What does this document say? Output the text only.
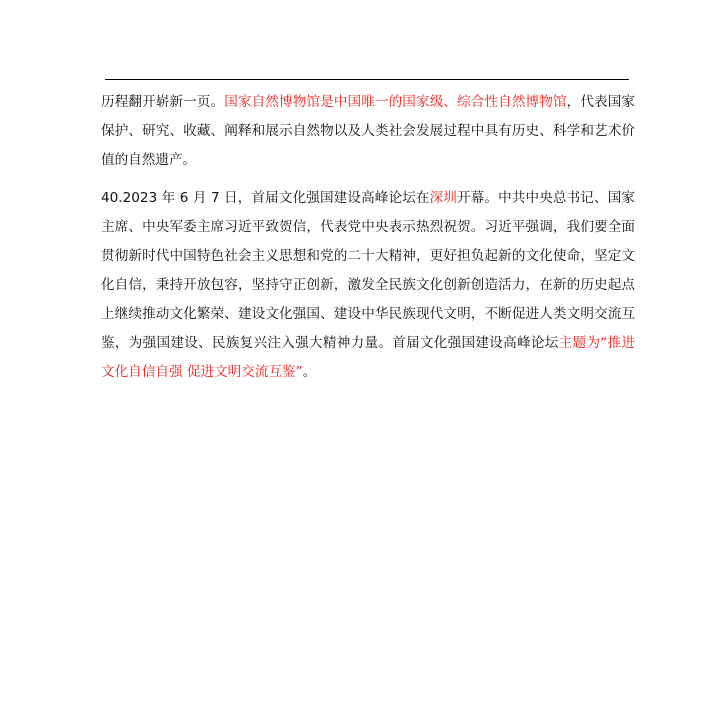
历程翻开崭新一页。国家自然博物馆是中国唯一的国家级、综合性自然博物馆，代表国家保护、研究、收藏、阐释和展示自然物以及人类社会发展过程中具有历史、科学和艺术价值的自然遗产。

40.2023 年 6 月 7 日，首届文化强国建设高峰论坛在深圳开幕。中共中央总书记、国家主席、中央军委主席习近平致贺信，代表党中央表示热烈祝贺。习近平强调，我们要全面贯彻新时代中国特色社会主义思想和党的二十大精神，更好担负起新的文化使命，坚定文化自信，秉持开放包容，坚持守正创新，激发全民族文化创新创造活力，在新的历史起点上继续推动文化繁荣、建设文化强国、建设中华民族现代文明，不断促进人类文明交流互鉴，为强国建设、民族复兴注入强大精神力量。首届文化强国建设高峰论坛主题为“推进文化自信自强 促进文明交流互鉴”。
